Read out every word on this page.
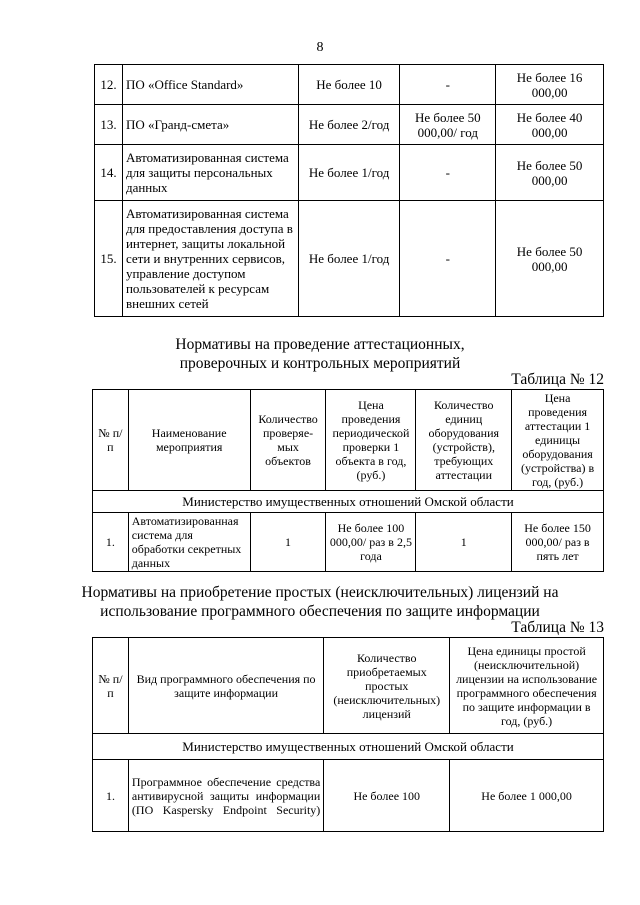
8
12.	ПО «Office Standard»	Не более 10	-	Не более 16 000,00
13.	ПО «Гранд-смета»	Не более 2/год	Не более 50 000,00/ год	Не более 40 000,00
14.	Автоматизированная система для защиты персональных данных	Не более 1/год	-	Не более 50 000,00
15.	Автоматизированная система для предоставления доступа в интернет, защиты локальной сети и внутренних сервисов, управление доступом пользователей к ресурсам внешних сетей	Не более 1/год	-	Не более 50 000,00
Нормативы на проведение аттестационных,
проверочных и контрольных мероприятий
Таблица № 12
№ п/п	Наименование мероприятия	Количество проверяе-мых объектов	Цена проведения периодической проверки 1 объекта в год, (руб.)	Количество единиц оборудования (устройств), требующих аттестации	Цена проведения аттестации 1 единицы оборудования (устройства) в год, (руб.)
Министерство имущественных отношений Омской области					
1.	Автоматизированная система для обработки секретных данных	1	Не более 100 000,00/ раз в 2,5 года	1	Не более 150 000,00/ раз в пять лет
Нормативы на приобретение простых (неисключительных) лицензий на
использование программного обеспечения по защите информации
Таблица № 13
№ п/п	Вид программного обеспечения по защите информации	Количество приобретаемых простых (неисключительных) лицензий	Цена единицы простой (неисключительной) лицензии на использование программного обеспечения по защите информации в год, (руб.)
Министерство имущественных отношений Омской области			
1.	Программное обеспечение средства антивирусной защиты информации (ПО Kaspersky Endpoint Security)	Не более 100	Не более 1 000,00
